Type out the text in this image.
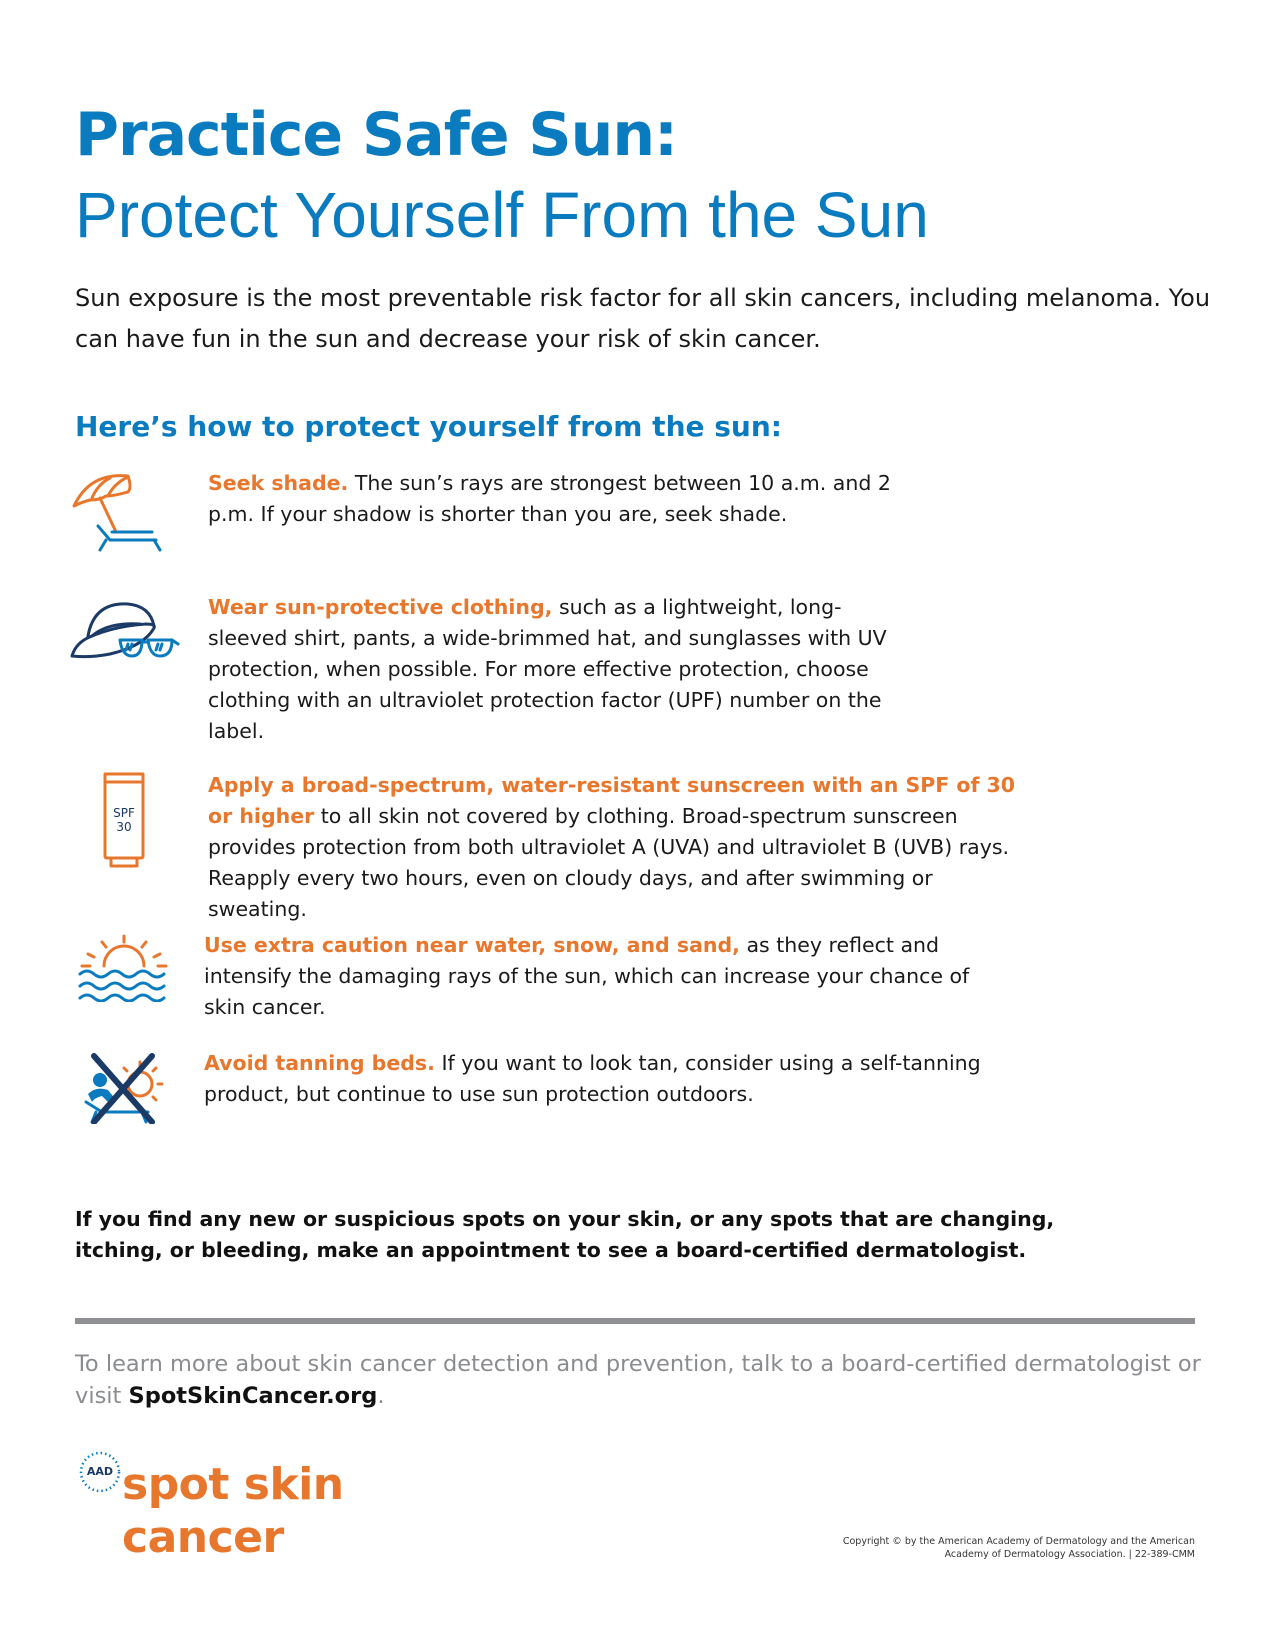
Practice Safe Sun:
Protect Yourself From the Sun

Sun exposure is the most preventable risk factor for all skin cancers, including melanoma. You can have fun in the sun and decrease your risk of skin cancer.

Here’s how to protect yourself from the sun:

Seek shade. The sun’s rays are strongest between 10 a.m. and 2 p.m. If your shadow is shorter than you are, seek shade.

Wear sun-protective clothing, such as a lightweight, long-sleeved shirt, pants, a wide-brimmed hat, and sunglasses with UV protection, when possible. For more effective protection, choose clothing with an ultraviolet protection factor (UPF) number on the label.

SPF
30

Apply a broad-spectrum, water-resistant sunscreen with an SPF of 30 or higher to all skin not covered by clothing. Broad-spectrum sunscreen provides protection from both ultraviolet A (UVA) and ultraviolet B (UVB) rays. Reapply every two hours, even on cloudy days, and after swimming or sweating.

Use extra caution near water, snow, and sand, as they reflect and intensify the damaging rays of the sun, which can increase your chance of skin cancer.

Avoid tanning beds. If you want to look tan, consider using a self-tanning product, but continue to use sun protection outdoors.

If you find any new or suspicious spots on your skin, or any spots that are changing, itching, or bleeding, make an appointment to see a board-certified dermatologist.

To learn more about skin cancer detection and prevention, talk to a board-certified dermatologist or visit SpotSkinCancer.org.

AAD spot skin

cancer	Copyright © by the American Academy of Dermatology and the American
Academy of Dermatology Association. | 22-389-CMM
